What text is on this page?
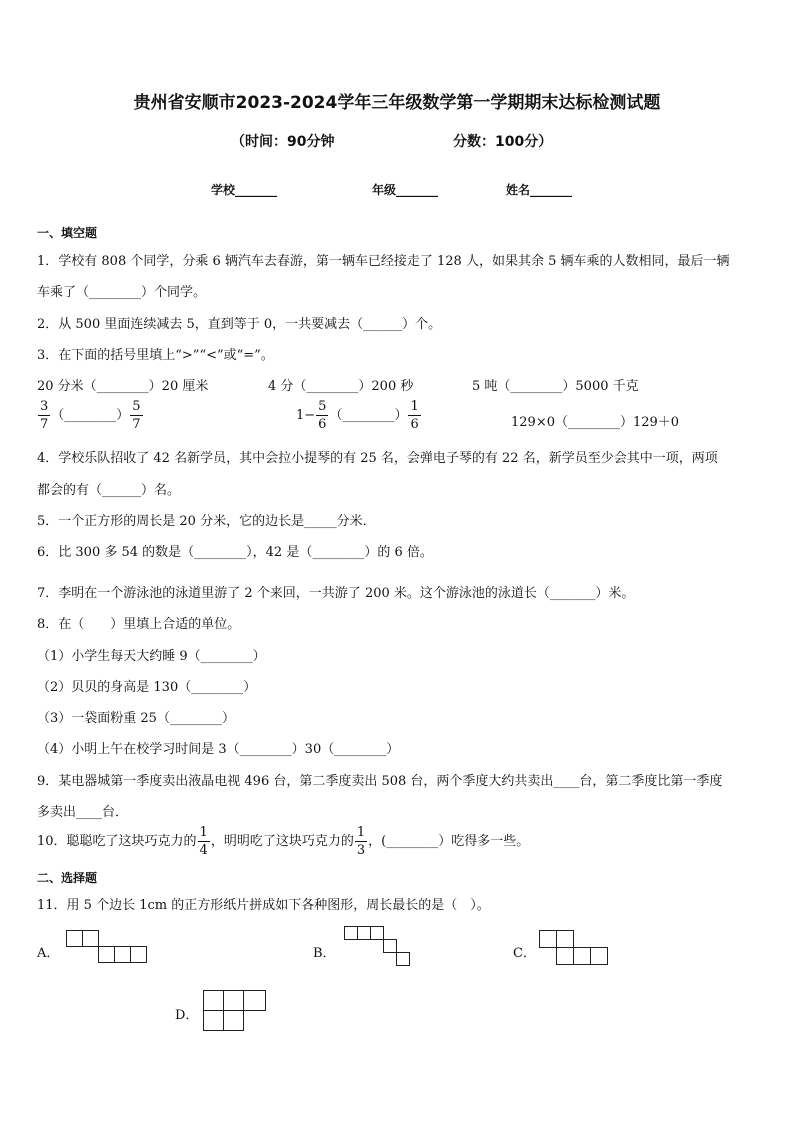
贵州省安顺市2023-2024学年三年级数学第一学期期末达标检测试题
（时间：90分钟	分数：100分）
学校_______	年级_______	姓名_______
一、填空题
1．学校有 808 个同学，分乘 6 辆汽车去春游，第一辆车已经接走了 128 人，如果其余 5 辆车乘的人数相同，最后一辆
车乘了（________）个同学。
2．从 500 里面连续减去 5，直到等于 0，一共要减去（______）个。
3．在下面的括号里填上“>”“<”或“=”。
20 分米（________）20 厘米	4 分（________）200 秒	5 吨（________）5000 千克
$\frac{3}{7}$ （________） $\frac{5}{7}$	$1- \frac{5}{6}$ （________） $\frac{1}{6}$	129×0（________）129＋0
4．学校乐队招收了 42 名新学员，其中会拉小提琴的有 25 名，会弹电子琴的有 22 名，新学员至少会其中一项，两项
都会的有（______）名。
5．一个正方形的周长是 20 分米，它的边长是_____分米．
6．比 300 多 54 的数是（________），42 是（________）的 6 倍。
7．李明在一个游泳池的泳道里游了 2 个来回，一共游了 200 米。这个游泳池的泳道长（_______）米。
8．在（　　）里填上合适的单位。
（1）小学生每天大约睡 9（________）
（2）贝贝的身高是 130（________）
（3）一袋面粉重 25（________）
（4）小明上午在校学习时间是 3（________）30（________）
9．某电器城第一季度卖出液晶电视 496 台，第二季度卖出 508 台，两个季度大约共卖出____台，第二季度比第一季度
多卖出____台．
10．聪聪吃了这块巧克力的 $\frac{1}{4}$ ，明明吃了这块巧克力的 $\frac{1}{3}$ ，(________）吃得多一些。
二、选择题
11．用 5 个边长 1cm 的正方形纸片拼成如下各种图形，周长最长的是（　）。
A．	B．	C．
D．
